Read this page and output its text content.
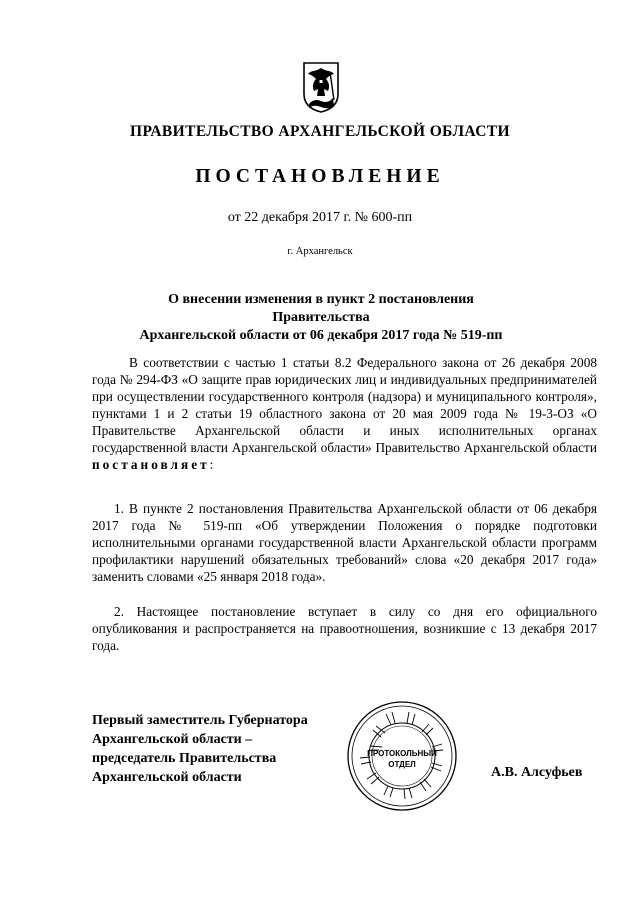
ПРАВИТЕЛЬСТВО АРХАНГЕЛЬСКОЙ ОБЛАСТИ
ПОСТАНОВЛЕНИЕ
от 22 декабря 2017 г. № 600-пп
г. Архангельск
О внесении изменения в пункт 2 постановления Правительства
Архангельской области от 06 декабря 2017 года № 519-пп
В соответствии с частью 1 статьи 8.2 Федерального закона от 26 декабря 2008 года № 294-ФЗ «О защите прав юридических лиц и индивидуальных предпринимателей при осуществлении государственного контроля (надзора) и муниципального контроля», пунктами 1 и 2 статьи 19 областного закона от 20 мая 2009 года № 19-3-ОЗ «О Правительстве Архангельской области и иных исполнительных органах государственной власти Архангельской области» Правительство Архангельской области постановляет:
1. В пункте 2 постановления Правительства Архангельской области от 06 декабря 2017 года № 519-пп «Об утверждении Положения о порядке подготовки исполнительными органами государственной власти Архангельской области программ профилактики нарушений обязательных требований» слова «20 декабря 2017 года» заменить словами «25 января 2018 года».
2. Настоящее постановление вступает в силу со дня его официального опубликования и распространяется на правоотношения, возникшие с 13 декабря 2017 года.
Первый заместитель Губернатора
Архангельской области –
председатель Правительства
Архангельской области
ПРОТОКОЛЬНЫЙ
ОТДЕЛ
А.В. Алсуфьев
